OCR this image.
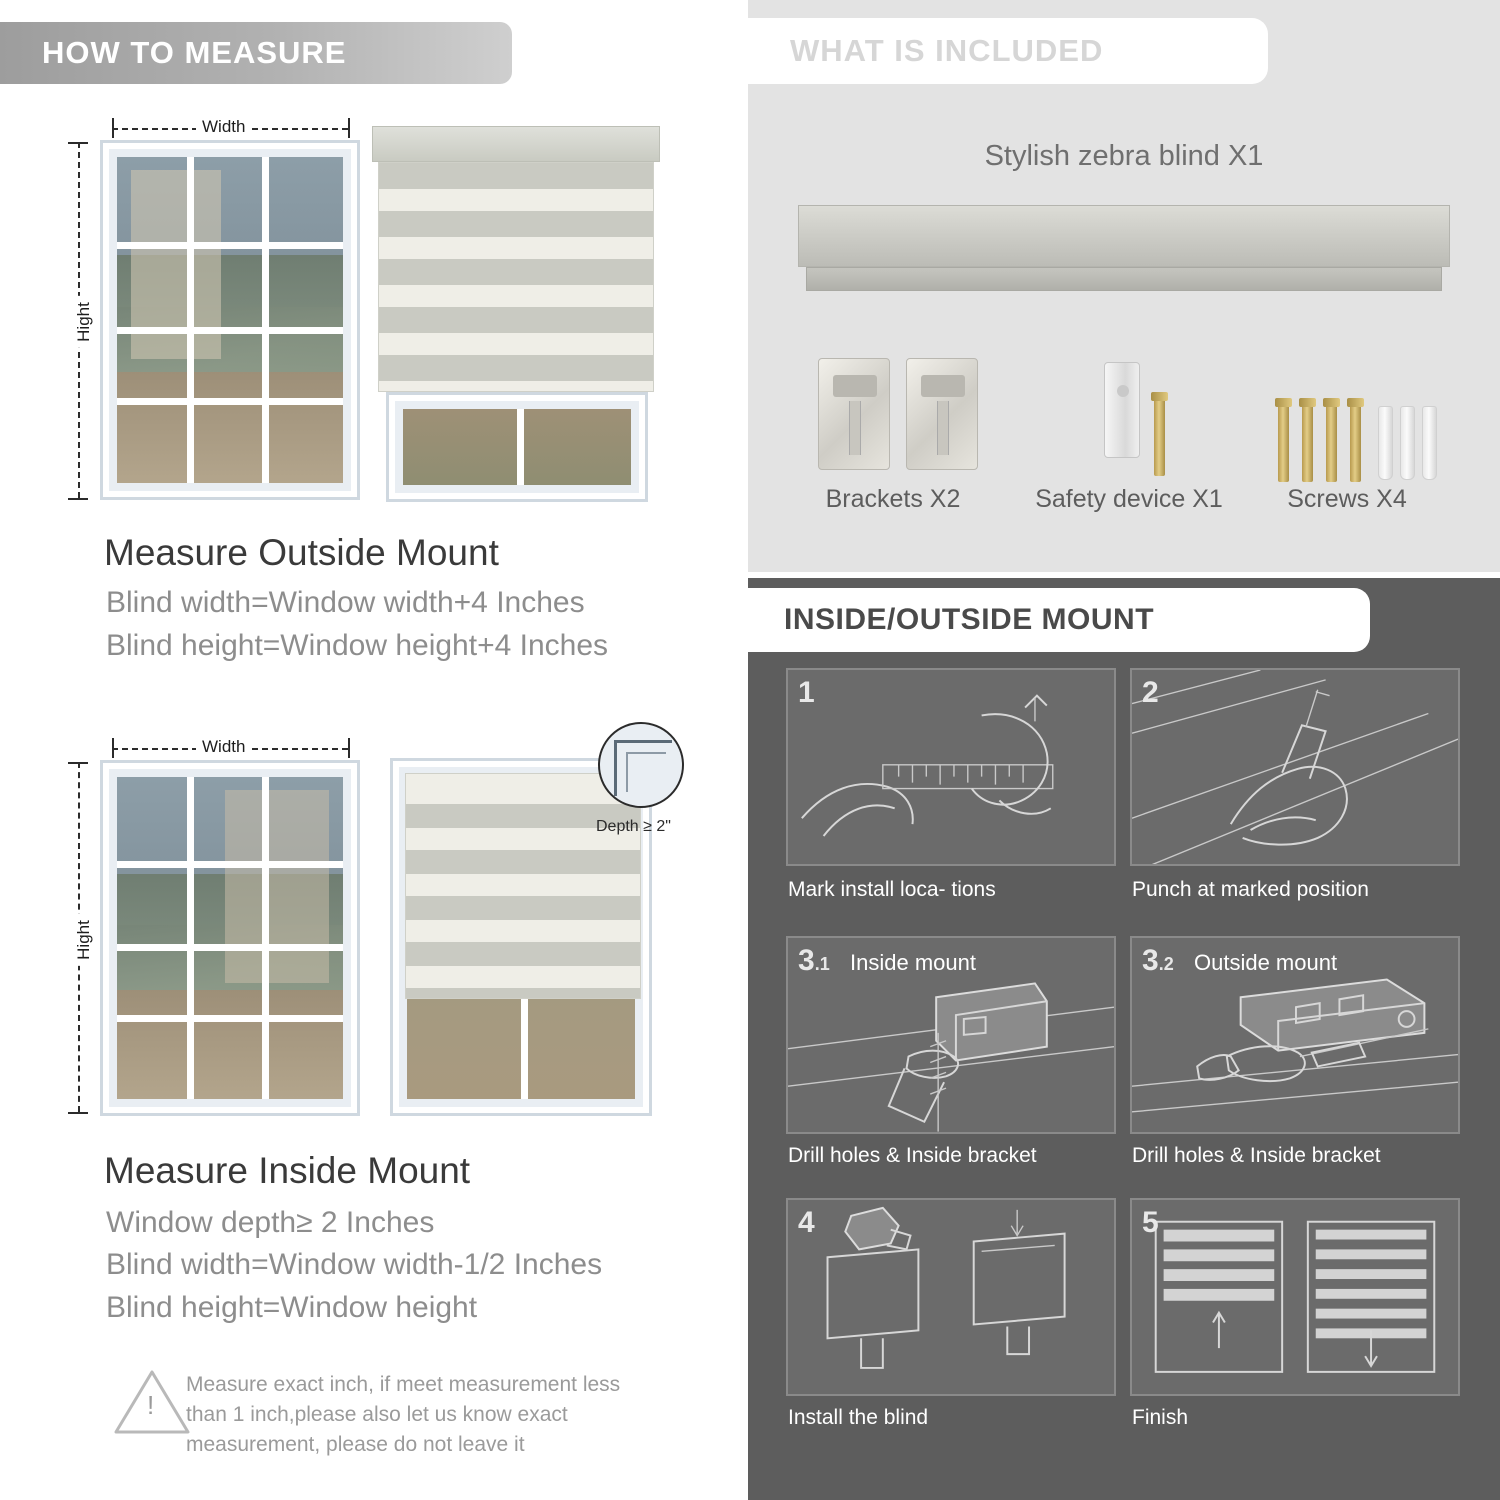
HOW TO MEASURE
Width
Hight
Measure Outside Mount
Blind width=Window width+4 Inches
Blind height=Window height+4 Inches
Width
Hight
Depth ≥ 2"
Measure Inside Mount
Window depth≥ 2 Inches
Blind width=Window width-1/2 Inches
Blind height=Window height
!
Measure exact inch, if meet measurement less
than 1 inch,please also let us know exact
measurement, please do not leave it
WHAT IS INCLUDED
Stylish zebra blind X1
Brackets X2	Safety device X1	Screws X4
INSIDE/OUTSIDE MOUNT
1
Mark install loca- tions
2
Punch at marked position
3.1 Inside mount
Drill holes & Inside bracket
3.2 Outside mount
Drill holes & Inside bracket
4
Install the blind
5
Finish
